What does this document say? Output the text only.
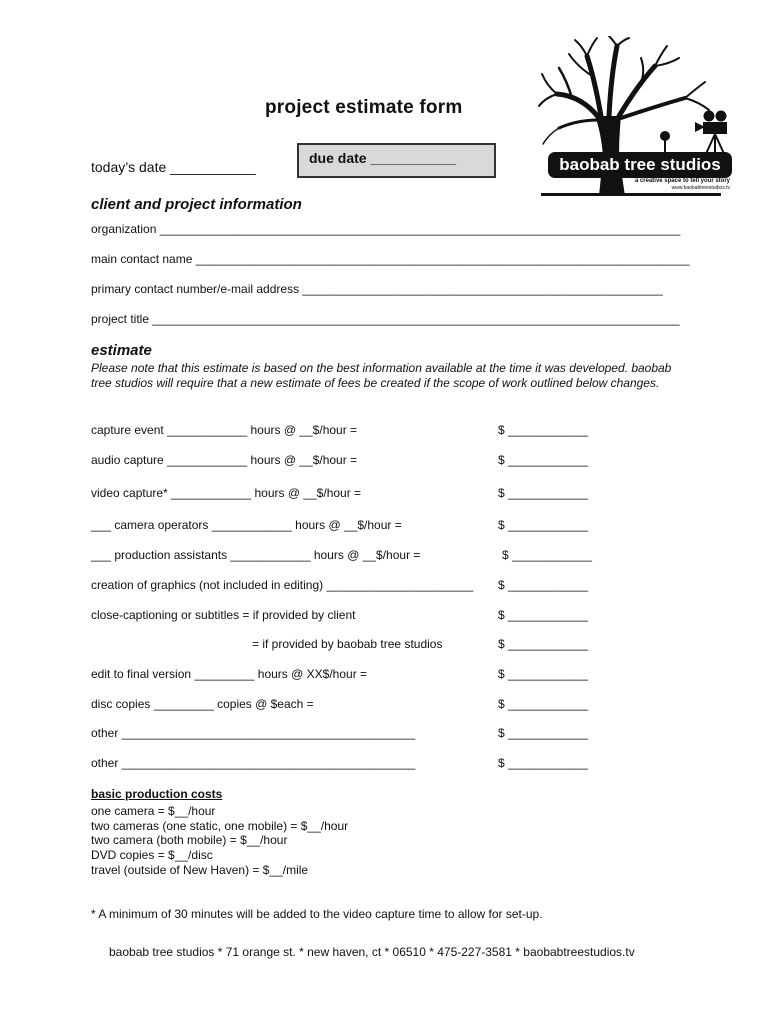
project estimate form
due date ___________
today’s date ___________	baobab tree studios
a creative space to tell your story
www.baobabtreestudios.tv
client and project information
organization ______________________________________________________________________________
main contact name __________________________________________________________________________
primary contact number/e-mail address ______________________________________________________
project title _______________________________________________________________________________
estimate
Please note that this estimate is based on the best information available at the time it was developed. baobab tree studios will require that a new estimate of fees be created if the scope of work outlined below changes.
capture event ____________ hours @ __$/hour =	$ ____________
audio capture ____________ hours @ __$/hour =	$ ____________
video capture* ____________ hours @ __$/hour =	$ ____________
___ camera operators ____________ hours @ __$/hour =	$ ____________
___ production assistants ____________ hours @ __$/hour =	$ ____________
creation of graphics (not included in editing) ______________________ $ ____________
close-captioning or subtitles = if provided by client	$ ____________
= if provided by baobab tree studios	$ ____________
edit to final version _________ hours @ XX$/hour =	$ ____________
disc copies _________ copies @ $each =	$ ____________
other ____________________________________________	$ ____________
other ____________________________________________	$ ____________
basic production costs
one camera = $__/hour
two cameras (one static, one mobile) = $__/hour
two camera (both mobile) = $__/hour
DVD copies = $__/disc
travel (outside of New Haven) = $__/mile
* A minimum of 30 minutes will be added to the video capture time to allow for set-up.
baobab tree studios * 71 orange st. * new haven, ct * 06510 * 475-227-3581 * baobabtreestudios.tv
